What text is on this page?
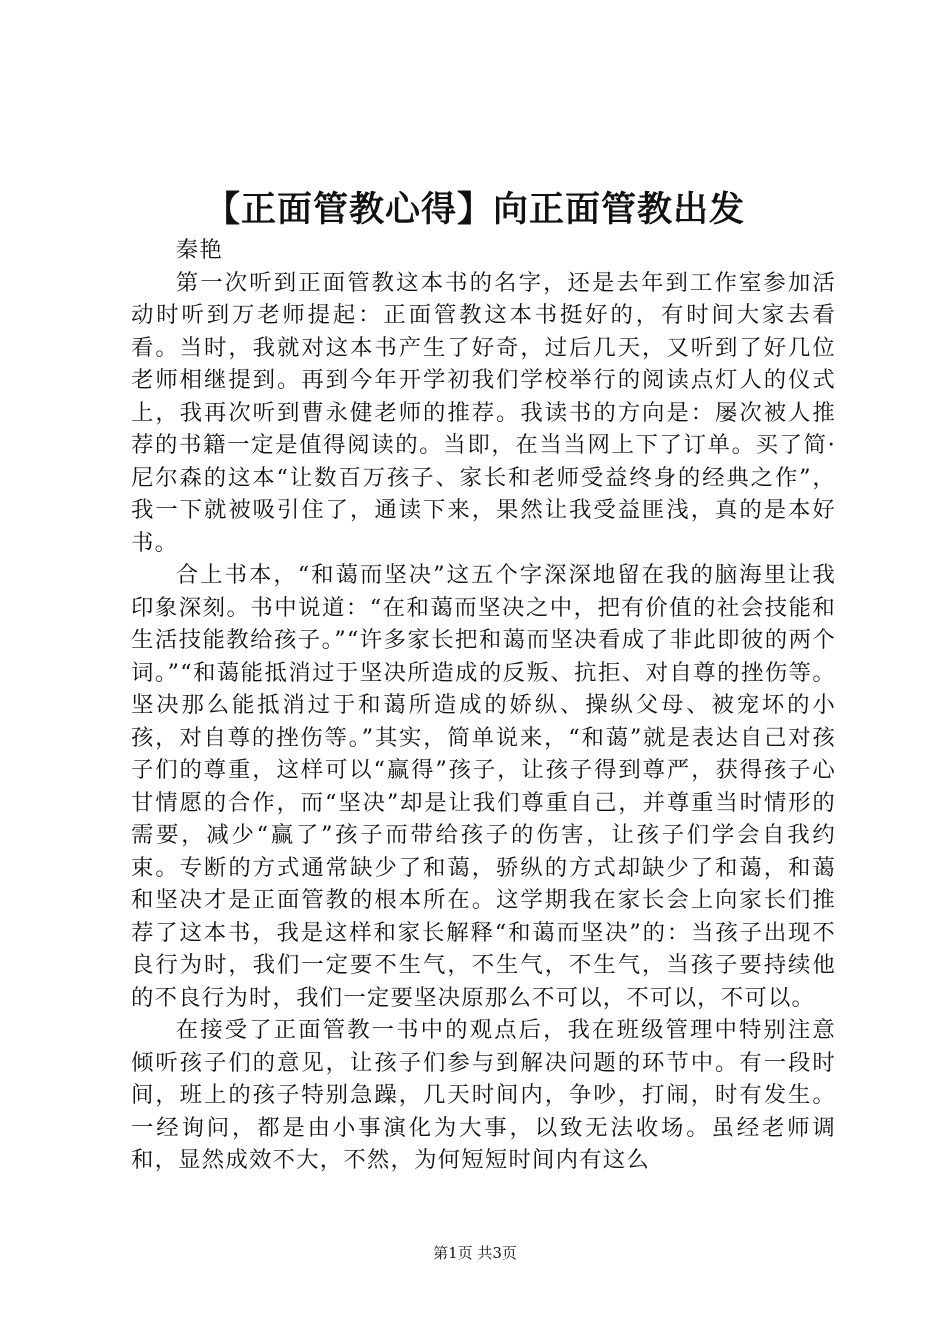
【正面管教心得】向正面管教出发

秦艳

第一次听到正面管教这本书的名字，还是去年到工作室参加活动时听到万老师提起：正面管教这本书挺好的，有时间大家去看看。当时，我就对这本书产生了好奇，过后几天，又听到了好几位老师相继提到。再到今年开学初我们学校举行的阅读点灯人的仪式上，我再次听到曹永健老师的推荐。我读书的方向是：屡次被人推荐的书籍一定是值得阅读的。当即，在当当网上下了订单。买了简·尼尔森的这本“让数百万孩子、家长和老师受益终身的经典之作”，我一下就被吸引住了，通读下来，果然让我受益匪浅，真的是本好书。

合上书本，“和蔼而坚决”这五个字深深地留在我的脑海里让我印象深刻。书中说道：“在和蔼而坚决之中，把有价值的社会技能和生活技能教给孩子。”“许多家长把和蔼而坚决看成了非此即彼的两个词。”“和蔼能抵消过于坚决所造成的反叛、抗拒、对自尊的挫伤等。坚决那么能抵消过于和蔼所造成的娇纵、操纵父母、被宠坏的小孩，对自尊的挫伤等。”其实，简单说来，“和蔼”就是表达自己对孩子们的尊重，这样可以“赢得”孩子，让孩子得到尊严，获得孩子心甘情愿的合作，而“坚决”却是让我们尊重自己，并尊重当时情形的需要，减少“赢了”孩子而带给孩子的伤害，让孩子们学会自我约束。专断的方式通常缺少了和蔼，骄纵的方式却缺少了和蔼，和蔼和坚决才是正面管教的根本所在。这学期我在家长会上向家长们推荐了这本书，我是这样和家长解释“和蔼而坚决”的：当孩子出现不良行为时，我们一定要不生气，不生气，不生气，当孩子要持续他的不良行为时，我们一定要坚决原那么不可以，不可以，不可以。

在接受了正面管教一书中的观点后，我在班级管理中特别注意倾听孩子们的意见，让孩子们参与到解决问题的环节中。有一段时间，班上的孩子特别急躁，几天时间内，争吵，打闹，时有发生。一经询问，都是由小事演化为大事，以致无法收场。虽经老师调和，显然成效不大，不然，为何短短时间内有这么

第1页 共3页
